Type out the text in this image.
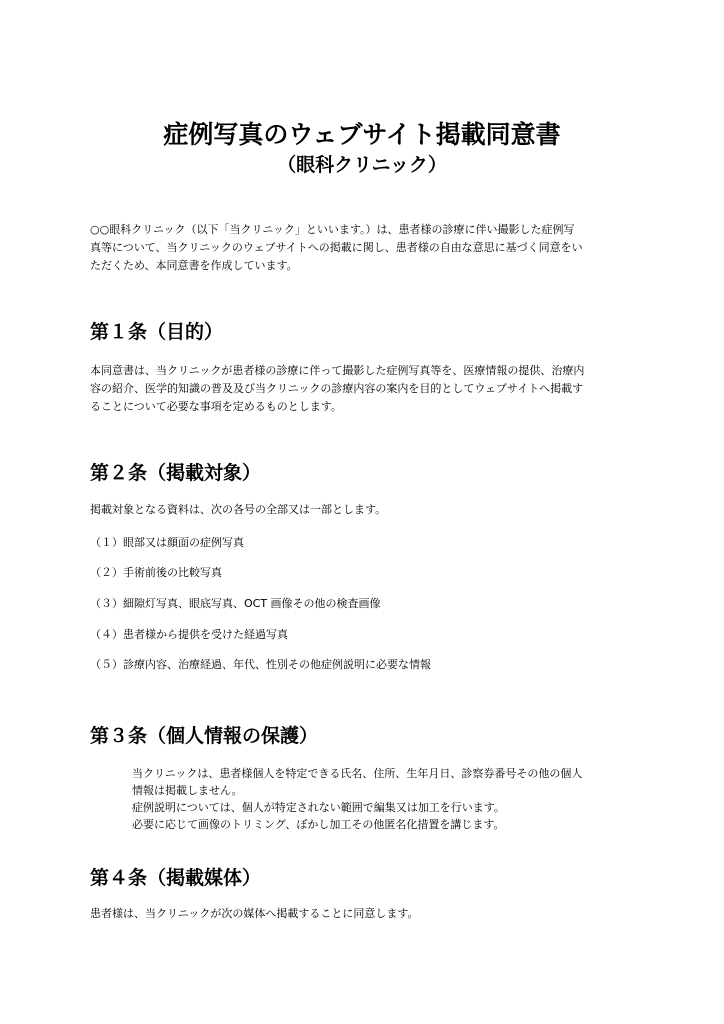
症例写真のウェブサイト掲載同意書
（眼科クリニック）
○○眼科クリニック（以下「当クリニック」といいます。）は、患者様の診療に伴い撮影した症例写
真等について、当クリニックのウェブサイトへの掲載に関し、患者様の自由な意思に基づく同意をい
ただくため、本同意書を作成しています。
第１条（目的）
本同意書は、当クリニックが患者様の診療に伴って撮影した症例写真等を、医療情報の提供、治療内
容の紹介、医学的知識の普及及び当クリニックの診療内容の案内を目的としてウェブサイトへ掲載す
ることについて必要な事項を定めるものとします。
第２条（掲載対象）
掲載対象となる資料は、次の各号の全部又は一部とします。
（１）眼部又は顔面の症例写真
（２）手術前後の比較写真
（３）細隙灯写真、眼底写真、OCT 画像その他の検査画像
（４）患者様から提供を受けた経過写真
（５）診療内容、治療経過、年代、性別その他症例説明に必要な情報
第３条（個人情報の保護）
当クリニックは、患者様個人を特定できる氏名、住所、生年月日、診察券番号その他の個人
情報は掲載しません。
症例説明については、個人が特定されない範囲で編集又は加工を行います。
必要に応じて画像のトリミング、ぼかし加工その他匿名化措置を講じます。
第４条（掲載媒体）
患者様は、当クリニックが次の媒体へ掲載することに同意します。
